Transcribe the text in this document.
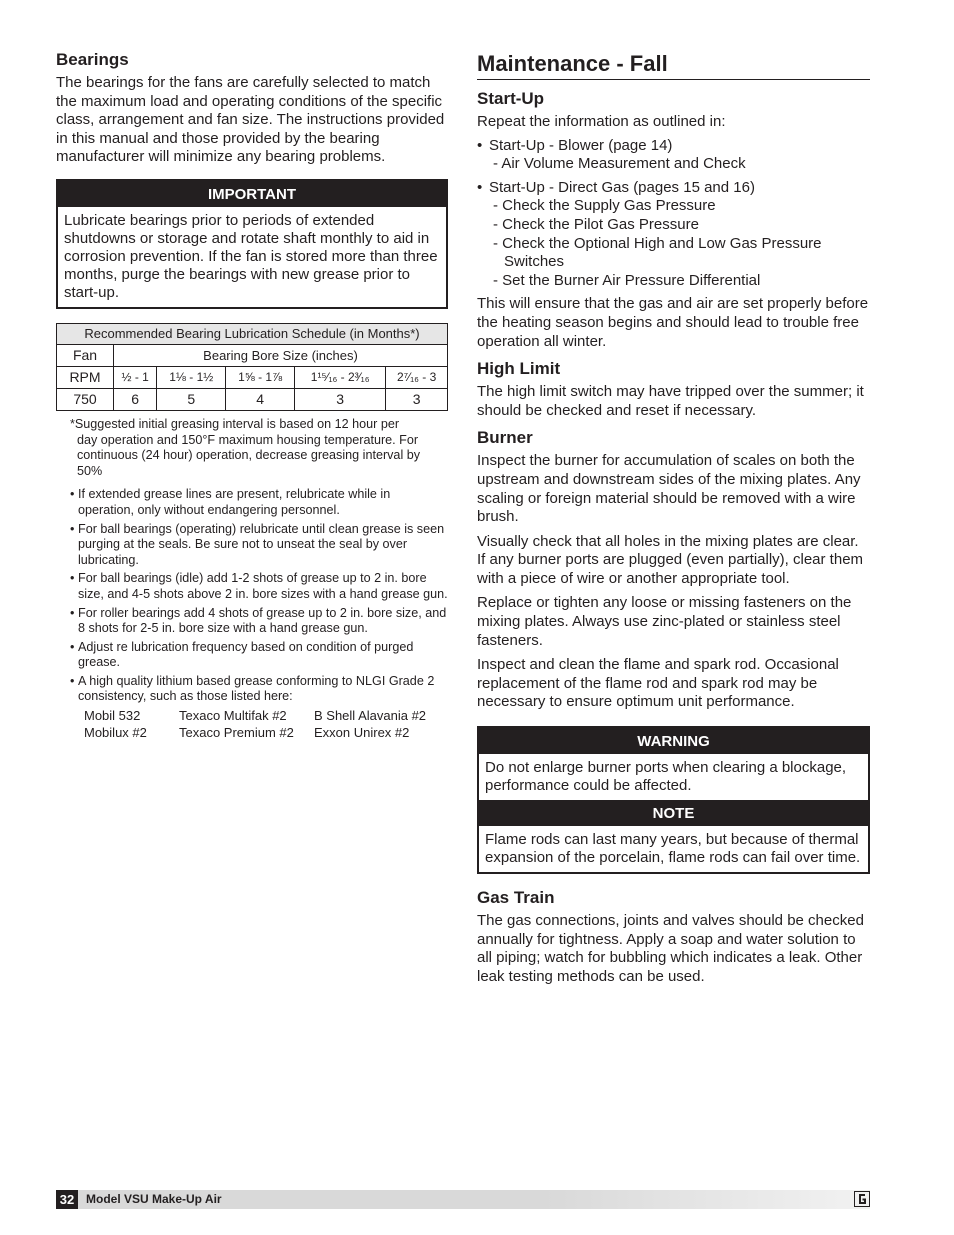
Bearings

The bearings for the fans are carefully selected to match the maximum load and operating conditions of the specific class, arrangement and fan size. The instructions provided in this manual and those provided by the bearing manufacturer will minimize any bearing problems.

IMPORTANT
Lubricate bearings prior to periods of extended shutdowns or storage and rotate shaft monthly to aid in corrosion prevention. If the fan is stored more than three months, purge the bearings with new grease prior to start-up.
Recommended Bearing Lubrication Schedule (in Months*)					
Fan	Bearing Bore Size (inches)				
RPM	½ - 1	1⅛ - 1½	1⅝ - 1⅞	1¹⁵⁄₁₆ - 2³⁄₁₆	2⁷⁄₁₆ - 3
750	6	5	4	3	3
*Suggested initial greasing interval is based on 12 hour per
day operation and 150°F maximum housing temperature. For continuous (24 hour) operation, decrease greasing interval by 50%
• If extended grease lines are present, relubricate while in operation, only without endangering personnel.
• For ball bearings (operating) relubricate until clean grease is seen purging at the seals. Be sure not to unseat the seal by over lubricating.
• For ball bearings (idle) add 1-2 shots of grease up to 2 in. bore size, and 4-5 shots above 2 in. bore sizes with a hand grease gun.
• For roller bearings add 4 shots of grease up to 2 in. bore size, and 8 shots for 2-5 in. bore size with a hand grease gun.
• Adjust re lubrication frequency based on condition of purged grease.
• A high quality lithium based grease conforming to NLGI Grade 2 consistency, such as those listed here:
Mobil 532	Texaco Multifak #2	B Shell Alavania #2
Mobilux #2	Texaco Premium #2	Exxon Unirex #2
Maintenance - Fall
Start-Up

Repeat the information as outlined in:

• Start-Up - Blower (page 14)
- Air Volume Measurement and Check
• Start-Up - Direct Gas (pages 15 and 16)
- Check the Supply Gas Pressure
- Check the Pilot Gas Pressure
- Check the Optional High and Low Gas Pressure
Switches
- Set the Burner Air Pressure Differential

This will ensure that the gas and air are set properly before the heating season begins and should lead to trouble free operation all winter.

High Limit

The high limit switch may have tripped over the summer; it should be checked and reset if necessary.

Burner

Inspect the burner for accumulation of scales on both the upstream and downstream sides of the mixing plates. Any scaling or foreign material should be removed with a wire brush.

Visually check that all holes in the mixing plates are clear. If any burner ports are plugged (even partially), clear them with a piece of wire or another appropriate tool.

Replace or tighten any loose or missing fasteners on the mixing plates. Always use zinc-plated or stainless steel fasteners.

Inspect and clean the flame and spark rod. Occasional replacement of the flame rod and spark rod may be necessary to ensure optimum unit performance.

WARNING
Do not enlarge burner ports when clearing a blockage, performance could be affected.
NOTE
Flame rods can last many years, but because of thermal expansion of the porcelain, flame rods can fail over time.
Gas Train

The gas connections, joints and valves should be checked annually for tightness. Apply a soap and water solution to all piping; watch for bubbling which indicates a leak. Other leak testing methods can be used.

32 Model VSU Make-Up Air
